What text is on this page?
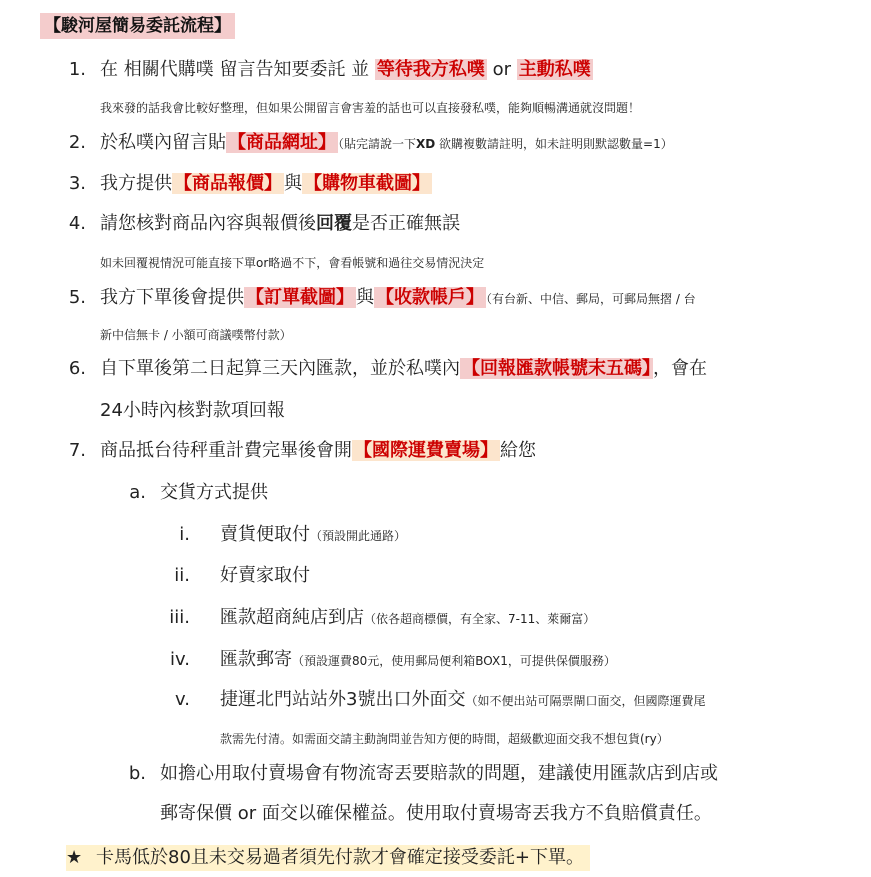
【駿河屋簡易委託流程】
1. 在 相關代購噗 留言告知要委託 並 等待我方私噗 or 主動私噗
我來發的話我會比較好整理，但如果公開留言會害羞的話也可以直接發私噗，能夠順暢溝通就沒問題！
2. 於私噗內留言貼 【商品網址】 （貼完請說一下XD 欲購複數請註明，如未註明則默認數量=1）
3. 我方提供 【商品報價】 與 【購物車截圖】
4. 請您核對商品內容與報價後回覆是否正確無誤
如未回覆視情況可能直接下單or略過不下，會看帳號和過往交易情況決定
5. 我方下單後會提供 【訂單截圖】 與 【收款帳戶】 （有台新、中信、郵局，可郵局無摺 / 台
新中信無卡 / 小額可商議噗幣付款）
6. 自下單後第二日起算三天內匯款，並於私噗內 【回報匯款帳號末五碼】 ，會在
24小時內核對款項回報
7. 商品抵台待秤重計費完畢後會開 【國際運費賣場】 給您
a. 交貨方式提供
i. 賣貨便取付（預設開此通路）
ii. 好賣家取付
iii. 匯款超商純店到店（依各超商標價，有全家、7-11、萊爾富）
iv. 匯款郵寄（預設運費80元，使用郵局便利箱BOX1，可提供保價服務）
v. 捷運北門站站外3號出口外面交（如不便出站可隔票閘口面交，但國際運費尾
款需先付清。如需面交請主動詢問並告知方便的時間，超級歡迎面交我不想包貨(ry）
b. 如擔心用取付賣場會有物流寄丟要賠款的問題，建議使用匯款店到店或
郵寄保價 or 面交以確保權益。使用取付賣場寄丟我方不負賠償責任。
★ 卡馬低於80且未交易過者須先付款才會確定接受委託+下單。
